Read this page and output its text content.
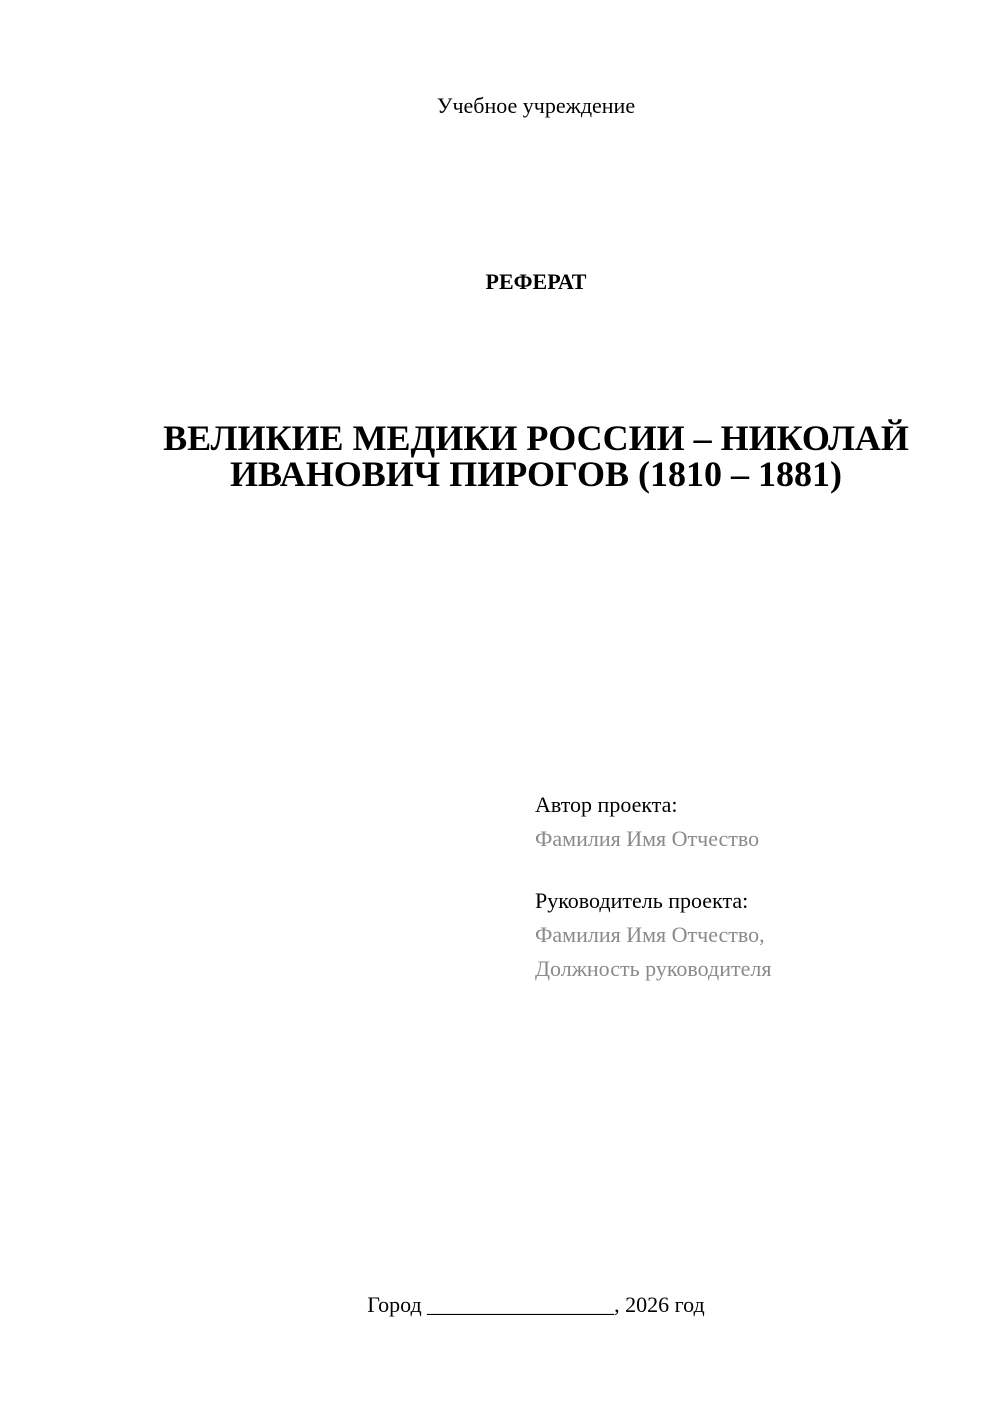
Учебное учреждение

РЕФЕРАТ

ВЕЛИКИЕ МЕДИКИ РОССИИ – НИКОЛАЙ ИВАНОВИЧ ПИРОГОВ (1810 – 1881)

Автор проекта:

Фамилия Имя Отчество

Руководитель проекта:

Фамилия Имя Отчество,

Должность руководителя

Город _________________, 2026 год
